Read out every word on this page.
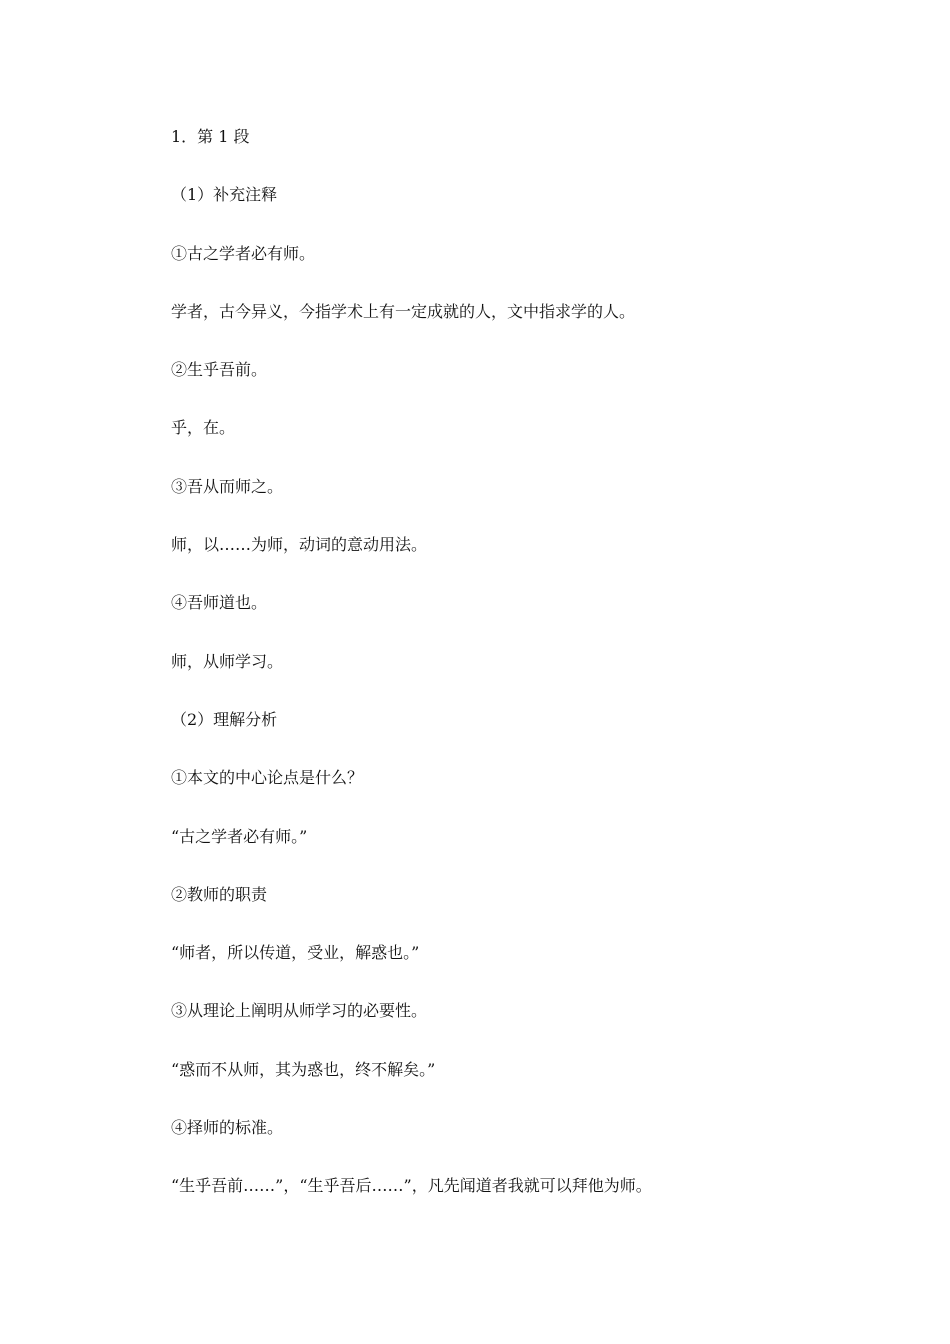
1．第 1 段
（1）补充注释
①古之学者必有师。
学者，古今异义，今指学术上有一定成就的人，文中指求学的人。
②生乎吾前。
乎，在。
③吾从而师之。
师，以……为师，动词的意动用法。
④吾师道也。
师，从师学习。
（2）理解分析
①本文的中心论点是什么？
“古之学者必有师。”
②教师的职责
“师者，所以传道，受业，解惑也。”
③从理论上阐明从师学习的必要性。
“惑而不从师，其为惑也，终不解矣。”
④择师的标准。
“生乎吾前……”，“生乎吾后……”，凡先闻道者我就可以拜他为师。
